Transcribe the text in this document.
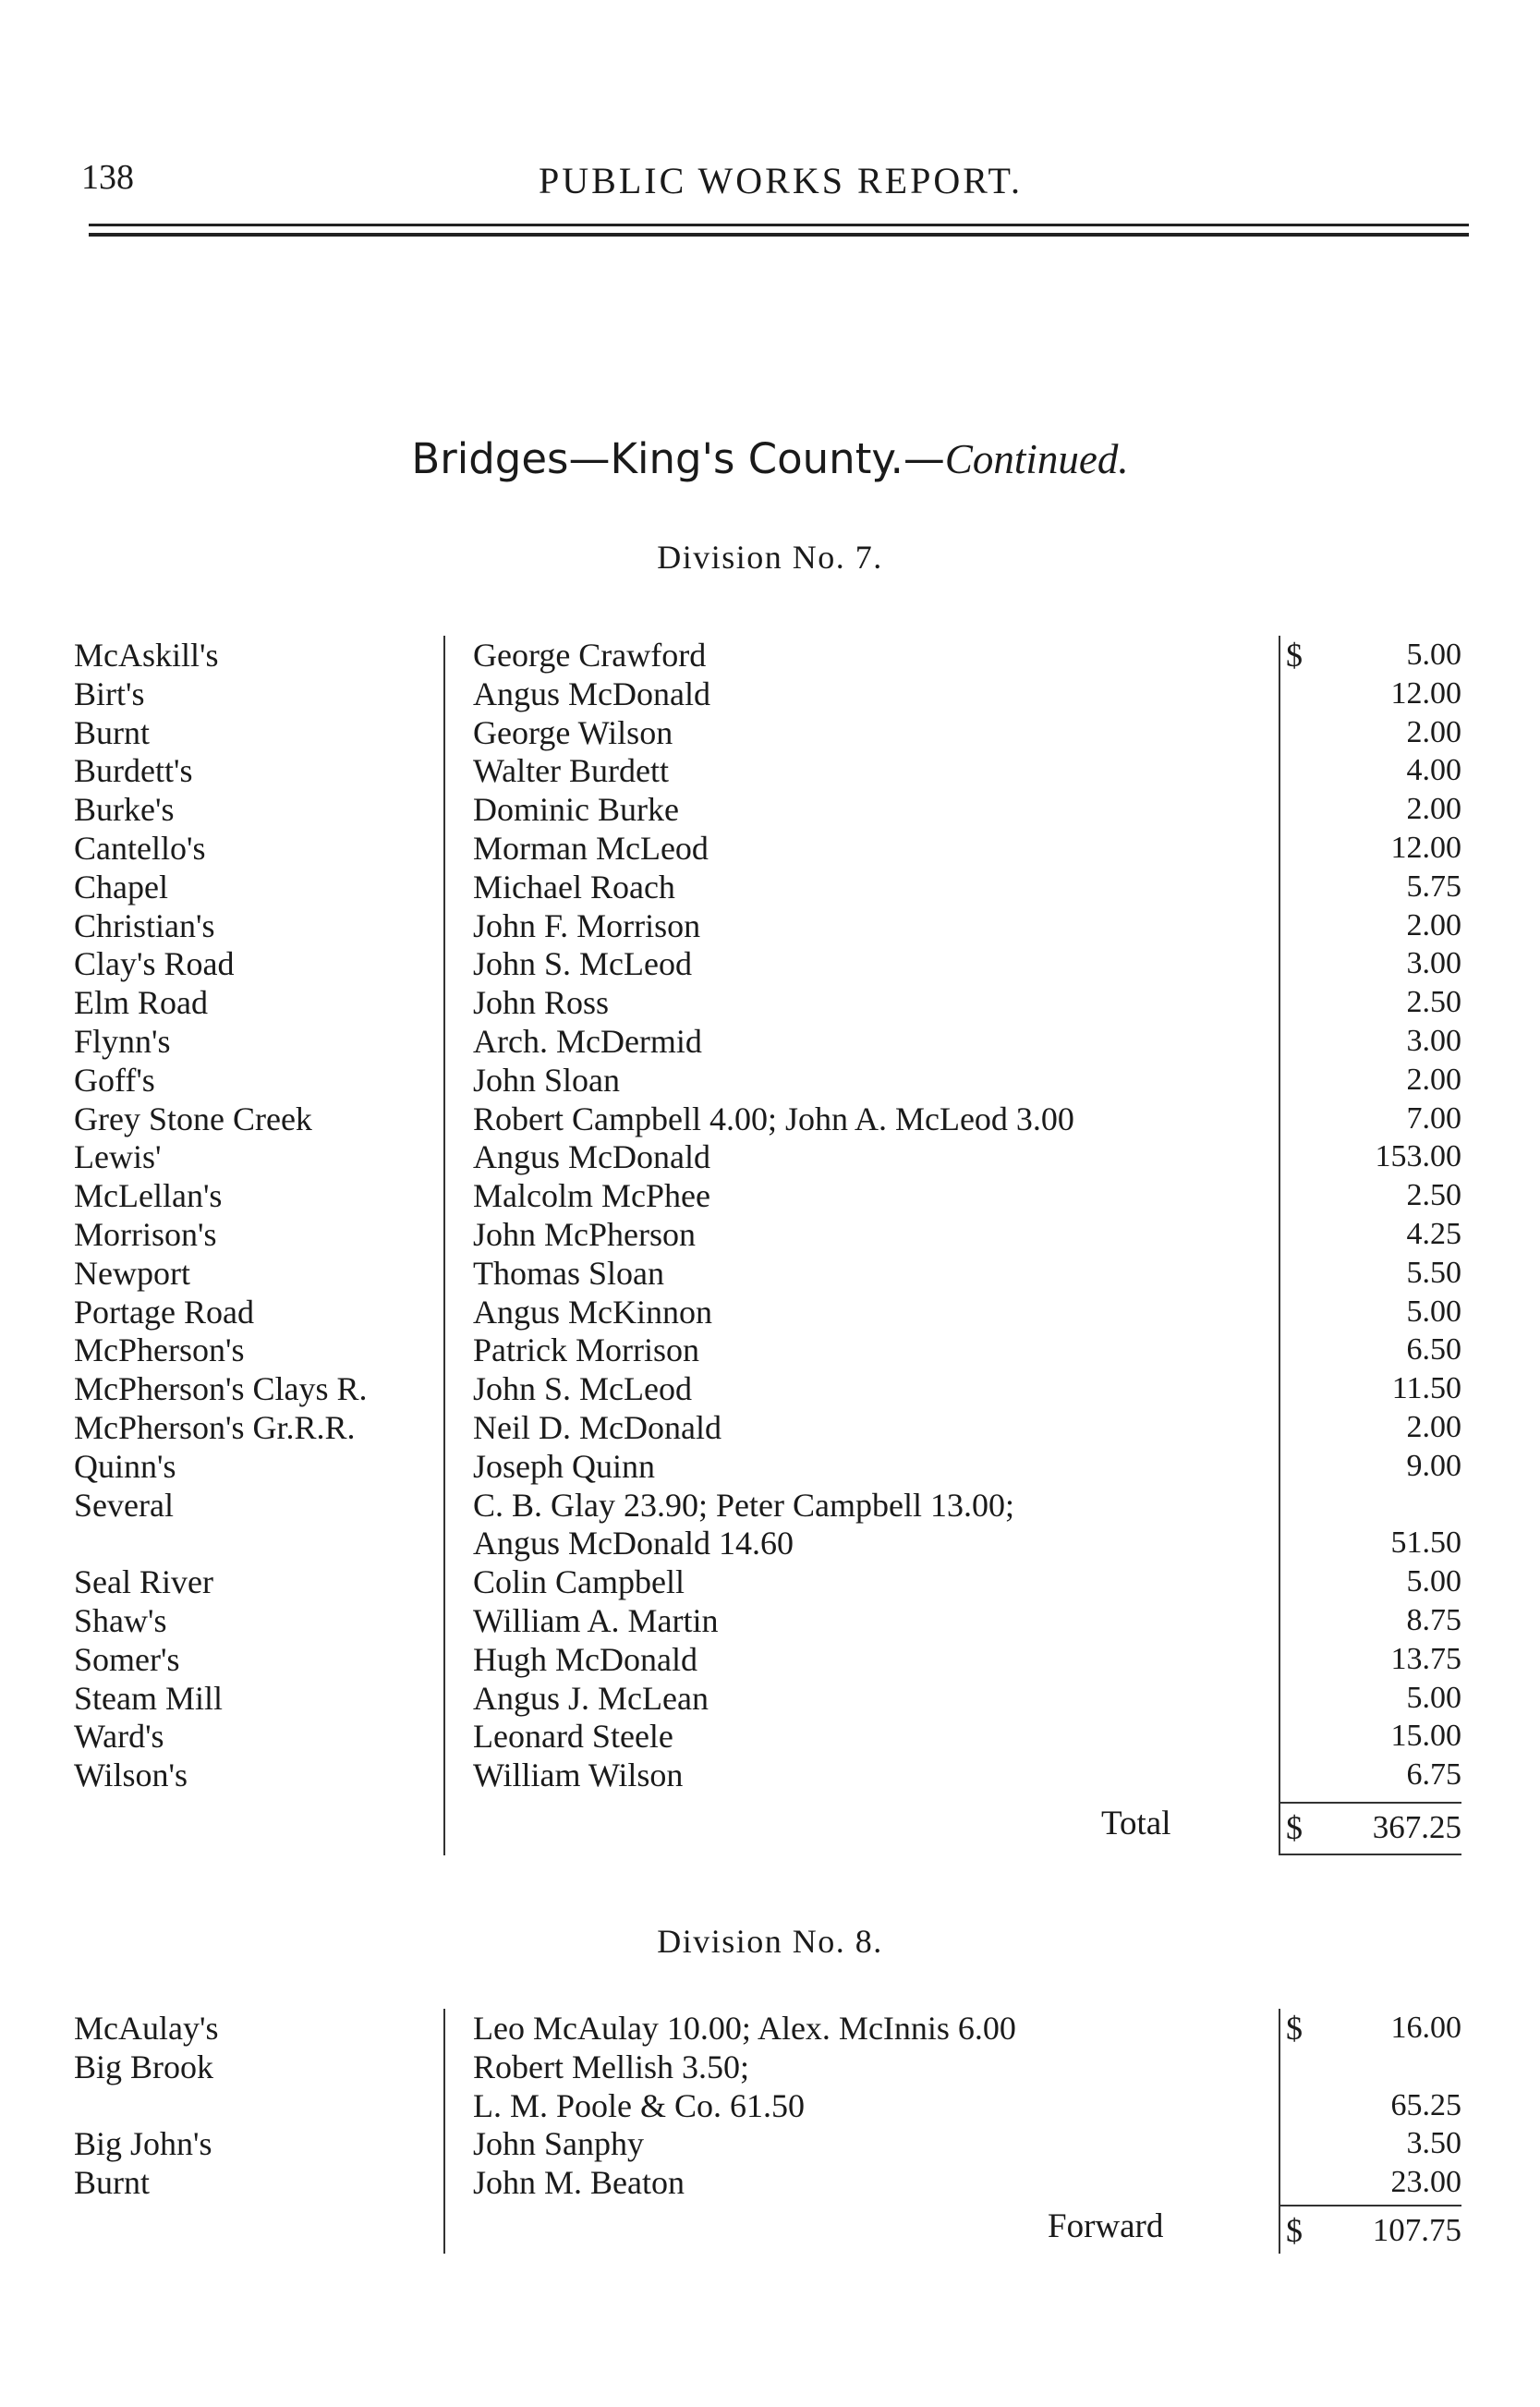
138	PUBLIC WORKS REPORT.
Bridges—King's County.—Continued.
Division No. 7.
$
McAskill's	George Crawford	5.00
Birt's	Angus McDonald	12.00
Burnt	George Wilson	2.00
Burdett's	Walter Burdett	4.00
Burke's	Dominic Burke	2.00
Cantello's	Morman McLeod	12.00
Chapel	Michael Roach	5.75
Christian's	John F. Morrison	2.00
Clay's Road	John S. McLeod	3.00
Elm Road	John Ross	2.50
Flynn's	Arch. McDermid	3.00
Goff's	John Sloan	2.00
Grey Stone Creek	Robert Campbell 4.00; John A. McLeod 3.00	7.00
Lewis'	Angus McDonald	153.00
McLellan's	Malcolm McPhee	2.50
Morrison's	John McPherson	4.25
Newport	Thomas Sloan	5.50
Portage Road	Angus McKinnon	5.00
McPherson's	Patrick Morrison	6.50
McPherson's Clays R.	John S. McLeod	11.50
McPherson's Gr.R.R.	Neil D. McDonald	2.00
Quinn's	Joseph Quinn	9.00
Several	C. B. Glay 23.90; Peter Campbell 13.00;
Angus McDonald 14.60	51.50
Seal River	Colin Campbell	5.00
Shaw's	William A. Martin	8.75
Somer's	Hugh McDonald	13.75
Steam Mill	Angus J. McLean	5.00
Ward's	Leonard Steele	15.00
Wilson's	William Wilson	6.75
Total	$	367.25
Division No. 8.
$
McAulay's	Leo McAulay 10.00; Alex. McInnis 6.00	16.00
Big Brook	Robert Mellish 3.50;
L. M. Poole & Co. 61.50	65.25
Big John's	John Sanphy	3.50
Burnt	John M. Beaton	23.00
Forward	$	107.75
